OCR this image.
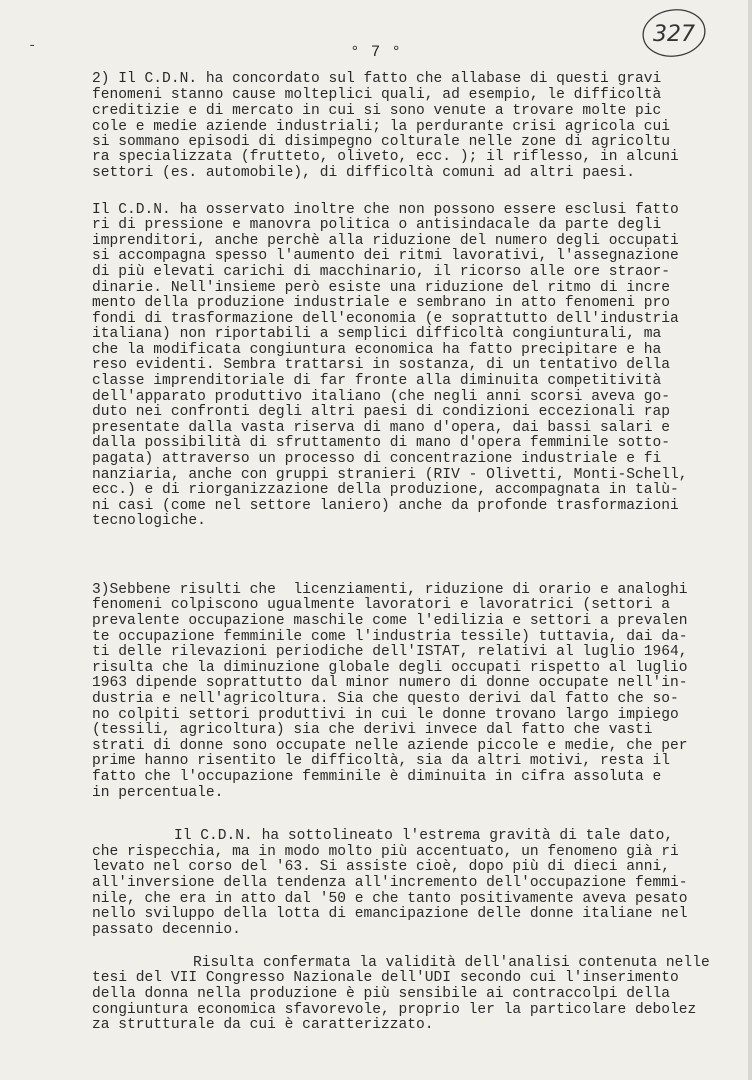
-	° 7 °
327
2) Il C.D.N. ha concordato sul fatto che allabase di questi gravi
fenomeni stanno cause molteplici quali, ad esempio, le difficoltà
creditizie e di mercato in cui si sono venute a trovare molte pic
cole e medie aziende industriali; la perdurante crisi agricola cui
si sommano episodi di disimpegno colturale nelle zone di agricoltu
ra specializzata (frutteto, oliveto, ecc. ); il riflesso, in alcuni
settori (es. automobile), di difficoltà comuni ad altri paesi.
Il C.D.N. ha osservato inoltre che non possono essere esclusi fatto
ri di pressione e manovra politica o antisindacale da parte degli
imprenditori, anche perchè alla riduzione del numero degli occupati
si accompagna spesso l'aumento dei ritmi lavorativi, l'assegnazione
di più elevati carichi di macchinario, il ricorso alle ore straor-
dinarie. Nell'insieme però esiste una riduzione del ritmo di incre
mento della produzione industriale e sembrano in atto fenomeni pro
fondi di trasformazione dell'economia (e soprattutto dell'industria
italiana) non riportabili a semplici difficoltà congiunturali, ma
che la modificata congiuntura economica ha fatto precipitare e ha
reso evidenti. Sembra trattarsi in sostanza, di un tentativo della
classe imprenditoriale di far fronte alla diminuita competitività
dell'apparato produttivo italiano (che negli anni scorsi aveva go-
duto nei confronti degli altri paesi di condizioni eccezionali rap
presentate dalla vasta riserva di mano d'opera, dai bassi salari e
dalla possibilità di sfruttamento di mano d'opera femminile sotto-
pagata) attraverso un processo di concentrazione industriale e fi
nanziaria, anche con gruppi stranieri (RIV - Olivetti, Monti-Schell,
ecc.) e di riorganizzazione della produzione, accompagnata in talù-
ni casi (come nel settore laniero) anche da profonde trasformazioni
tecnologiche.
3)Sebbene risulti che  licenziamenti, riduzione di orario e analoghi
fenomeni colpiscono ugualmente lavoratori e lavoratrici (settori a
prevalente occupazione maschile come l'edilizia e settori a prevalen
te occupazione femminile come l'industria tessile) tuttavia, dai da-
ti delle rilevazioni periodiche dell'ISTAT, relativi al luglio 1964,
risulta che la diminuzione globale degli occupati rispetto al luglio
1963 dipende soprattutto dal minor numero di donne occupate nell'in-
dustria e nell'agricoltura. Sia che questo derivi dal fatto che so-
no colpiti settori produttivi in cui le donne trovano largo impiego
(tessili, agricoltura) sia che derivi invece dal fatto che vasti
strati di donne sono occupate nelle aziende piccole e medie, che per
prime hanno risentito le difficoltà, sia da altri motivi, resta il
fatto che l'occupazione femminile è diminuita in cifra assoluta e
in percentuale.
Il C.D.N. ha sottolineato l'estrema gravità di tale dato,
che rispecchia, ma in modo molto più accentuato, un fenomeno già ri
levato nel corso del '63. Si assiste cioè, dopo più di dieci anni,
all'inversione della tendenza all'incremento dell'occupazione femmi-
nile, che era in atto dal '50 e che tanto positivamente aveva pesato
nello sviluppo della lotta di emancipazione delle donne italiane nel
passato decennio.
Risulta confermata la validità dell'analisi contenuta nelle
tesi del VII Congresso Nazionale dell'UDI secondo cui l'inserimento
della donna nella produzione è più sensibile ai contraccolpi della
congiuntura economica sfavorevole, proprio ler la particolare debolez
za strutturale da cui è caratterizzato.
